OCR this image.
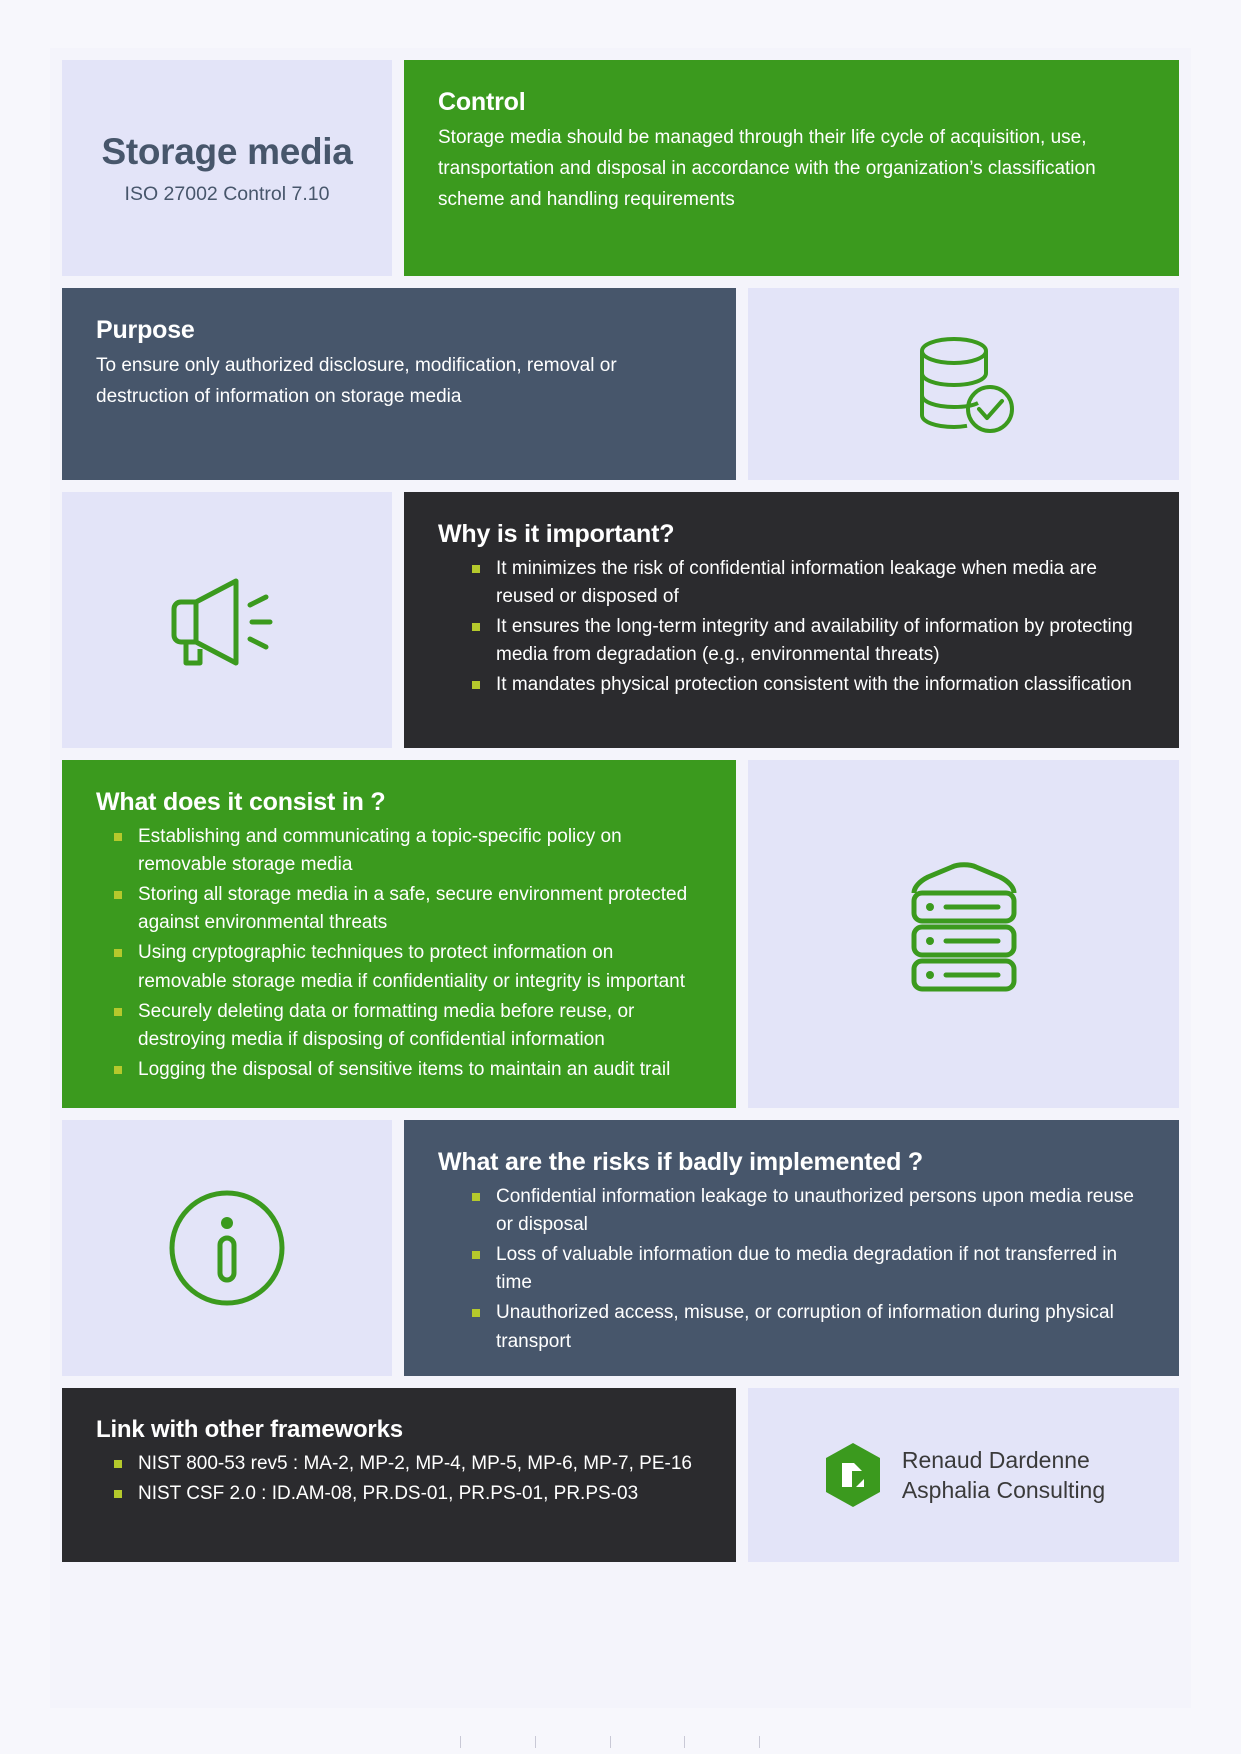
Storage media
ISO 27002 Control 7.10
Control
Storage media should be managed through their life cycle of acquisition, use, transportation and disposal in accordance with the organization’s classification scheme and handling requirements
Purpose
To ensure only authorized disclosure, modification, removal or destruction of information on storage media
Why is it important?
It minimizes the risk of confidential information leakage when media are reused or disposed of
It ensures the long-term integrity and availability of information by protecting media from degradation (e.g., environmental threats)
It mandates physical protection consistent with the information classification
What does it consist in ?
Establishing and communicating a topic-specific policy on removable storage media
Storing all storage media in a safe, secure environment protected against environmental threats
Using cryptographic techniques to protect information on removable storage media if confidentiality or integrity is important
Securely deleting data or formatting media before reuse, or destroying media if disposing of confidential information
Logging the disposal of sensitive items to maintain an audit trail
What are the risks if badly implemented ?
Confidential information leakage to unauthorized persons upon media reuse or disposal
Loss of valuable information due to media degradation if not transferred in time
Unauthorized access, misuse, or corruption of information during physical transport
Link with other frameworks
NIST 800-53 rev5 : MA-2, MP-2, MP-4, MP-5, MP-6, MP-7, PE-16
NIST CSF 2.0 : ID.AM-08, PR.DS-01, PR.PS-01, PR.PS-03
Renaud Dardenne
Asphalia Consulting
